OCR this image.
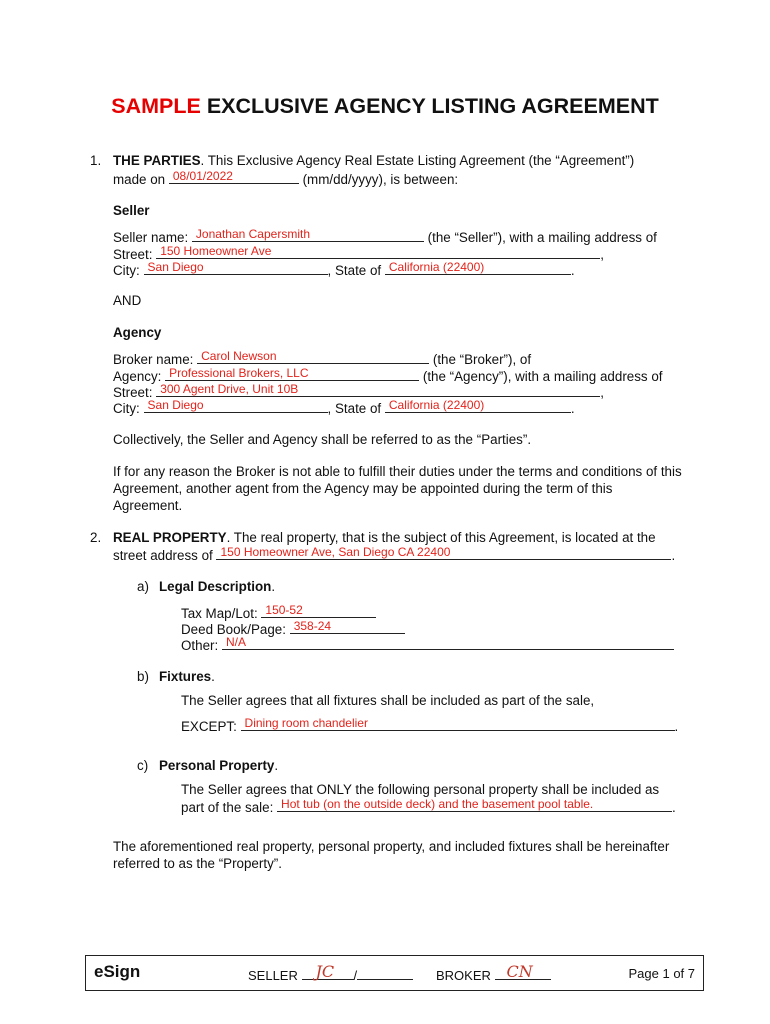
SAMPLE EXCLUSIVE AGENCY LISTING AGREEMENT
1. THE PARTIES. This Exclusive Agency Real Estate Listing Agreement (the “Agreement”)
made on 08/01/2022	(mm/dd/yyyy), is between:
Seller
Seller name: Jonathan Capersmith	(the “Seller”), with a mailing address of
Street: 150 Homeowner Ave	,
City: San Diego	, State of California (22400)	.
AND
Agency
Broker name: Carol Newson	(the “Broker”), of
Agency: Professional Brokers, LLC	(the “Agency”), with a mailing address of
Street: 300 Agent Drive, Unit 10B	,
City: San Diego	, State of California (22400)	.
Collectively, the Seller and Agency shall be referred to as the “Parties”.
If for any reason the Broker is not able to fulfill their duties under the terms and conditions of this Agreement, another agent from the Agency may be appointed during the term of this Agreement.
2. REAL PROPERTY. The real property, that is the subject of this Agreement, is located at the
street address of 150 Homeowner Ave, San Diego CA 22400	.
a) Legal Description.
Tax Map/Lot: 150-52
Deed Book/Page: 358-24
Other: N/A
b) Fixtures.
The Seller agrees that all fixtures shall be included as part of the sale,
EXCEPT: Dining room chandelier	.
c) Personal Property.
The Seller agrees that ONLY the following personal property shall be included as
part of the sale: Hot tub (on the outside deck) and the basement pool table.	.
The aforementioned real property, personal property, and included fixtures shall be hereinafter referred to as the “Property”.
eSign	SELLER JC /	BROKER CN	Page 1 of 7
